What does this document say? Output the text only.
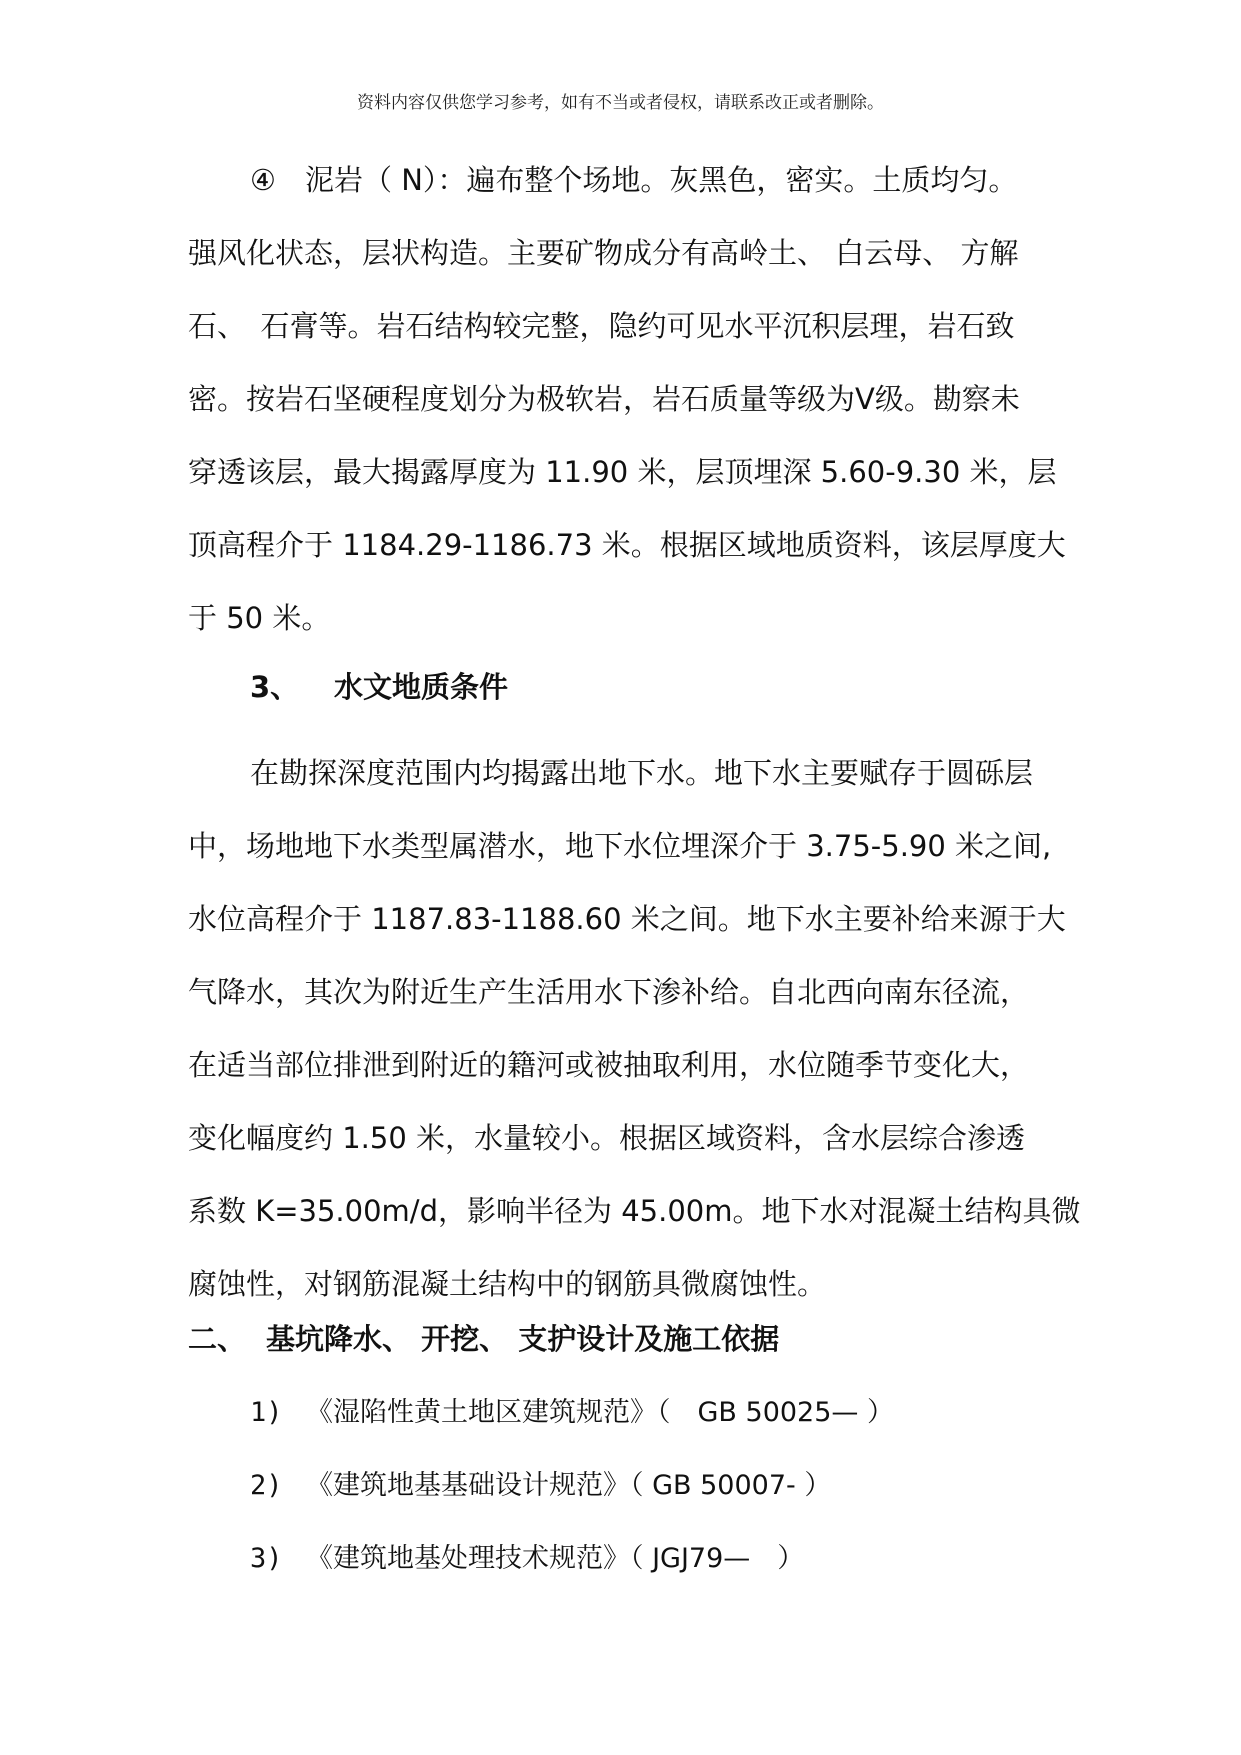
资料内容仅供您学习参考，如有不当或者侵权，请联系改正或者删除。
④　泥岩（ N）：遍布整个场地。灰黑色，密实。土质均匀。
强风化状态，层状构造。主要矿物成分有高岭土、 白云母、 方解
石、　石膏等。岩石结构较完整，隐约可见水平沉积层理，岩石致
密。按岩石坚硬程度划分为极软岩，岩石质量等级为Ⅴ级。勘察未
穿透该层，最大揭露厚度为 11.90 米，层顶埋深 5.60-9.30 米，层
顶高程介于 1184.29-1186.73 米。根据区域地质资料，该层厚度大
于 50 米。
3、 水文地质条件
在勘探深度范围内均揭露出地下水。地下水主要赋存于圆砾层
中，场地地下水类型属潜水，地下水位埋深介于 3.75-5.90 米之间,
水位高程介于 1187.83-1188.60 米之间。地下水主要补给来源于大
气降水，其次为附近生产生活用水下渗补给。自北西向南东径流，
在适当部位排泄到附近的籍河或被抽取利用，水位随季节变化大，
变化幅度约 1.50 米，水量较小。根据区域资料，含水层综合渗透
系数 K=35.00m/d，影响半径为 45.00m。地下水对混凝土结构具微
腐蚀性，对钢筋混凝土结构中的钢筋具微腐蚀性。
二、 基坑降水、 开挖、 支护设计及施工依据
1) 《湿陷性黄土地区建筑规范》（　GB 50025— ）
2) 《建筑地基基础设计规范》（ GB 50007- ）
3) 《建筑地基处理技术规范》（ JGJ79—　）
